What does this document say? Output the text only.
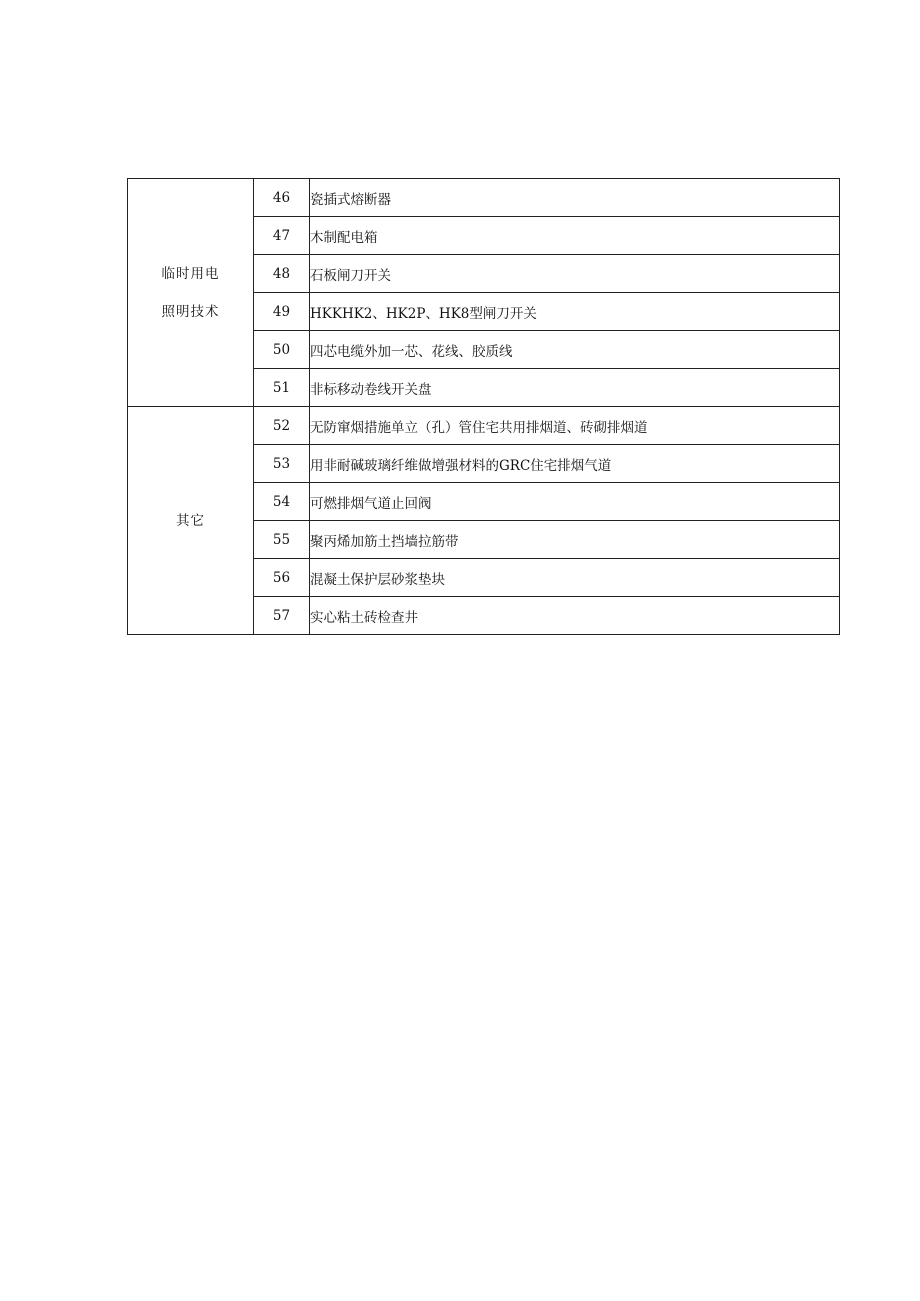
临时用电
照明技术	46	瓷插式熔断器
	47	木制配电箱
	48	石板闸刀开关
	49	HKKHK2、HK2P、HK8型闸刀开关
	50	四芯电缆外加一芯、花线、胶质线
	51	非标移动卷线开关盘

其它	52	无防窜烟措施单立（孔）管住宅共用排烟道、砖砌排烟道
	53	用非耐碱玻璃纤维做增强材料的GRC住宅排烟气道
	54	可燃排烟气道止回阀
	55	聚丙烯加筋土挡墙拉筋带
	56	混凝土保护层砂浆垫块
	57	实心粘土砖检查井
